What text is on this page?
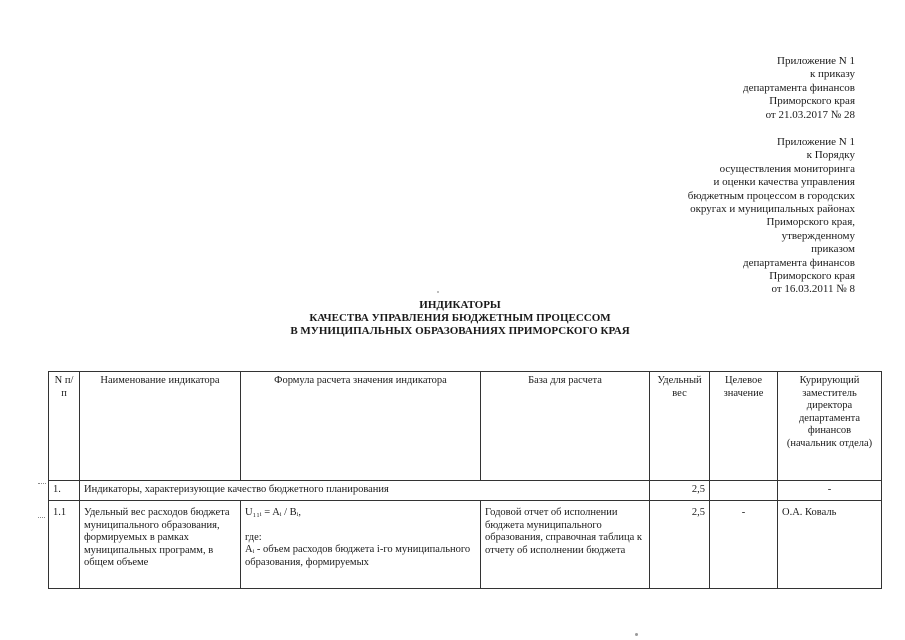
Приложение N 1
к приказу
департамента финансов
Приморского края
от 21.03.2017 № 28
Приложение N 1
к Порядку
осуществления мониторинга
и оценки качества управления
бюджетным процессом в городских
округах и муниципальных районах
Приморского края,
утвержденному
приказом
департамента финансов
Приморского края
от 16.03.2011 № 8
ИНДИКАТОРЫ
КАЧЕСТВА УПРАВЛЕНИЯ БЮДЖЕТНЫМ ПРОЦЕССОМ
В МУНИЦИПАЛЬНЫХ ОБРАЗОВАНИЯХ ПРИМОРСКОГО КРАЯ
N п/п	Наименование индикатора	Формула расчета значения индикатора	База для расчета	Удельный вес	Целевое значение	Курирующий заместитель директора департамента финансов (начальник отдела)
1.	Индикаторы, характеризующие качество бюджетного планирования			2,5		-
1.1	Удельный вес расходов бюджета муниципального образования, формируемых в рамках муниципальных программ, в общем объеме	U₁₁ᵢ = Aᵢ / Bᵢ,
где:
Aᵢ - объем расходов бюджета i-го муниципального образования, формируемых	Годовой отчет об исполнении бюджета муниципального образования, справочная таблица к отчету об исполнении бюджета	2,5	-	О.А. Коваль
